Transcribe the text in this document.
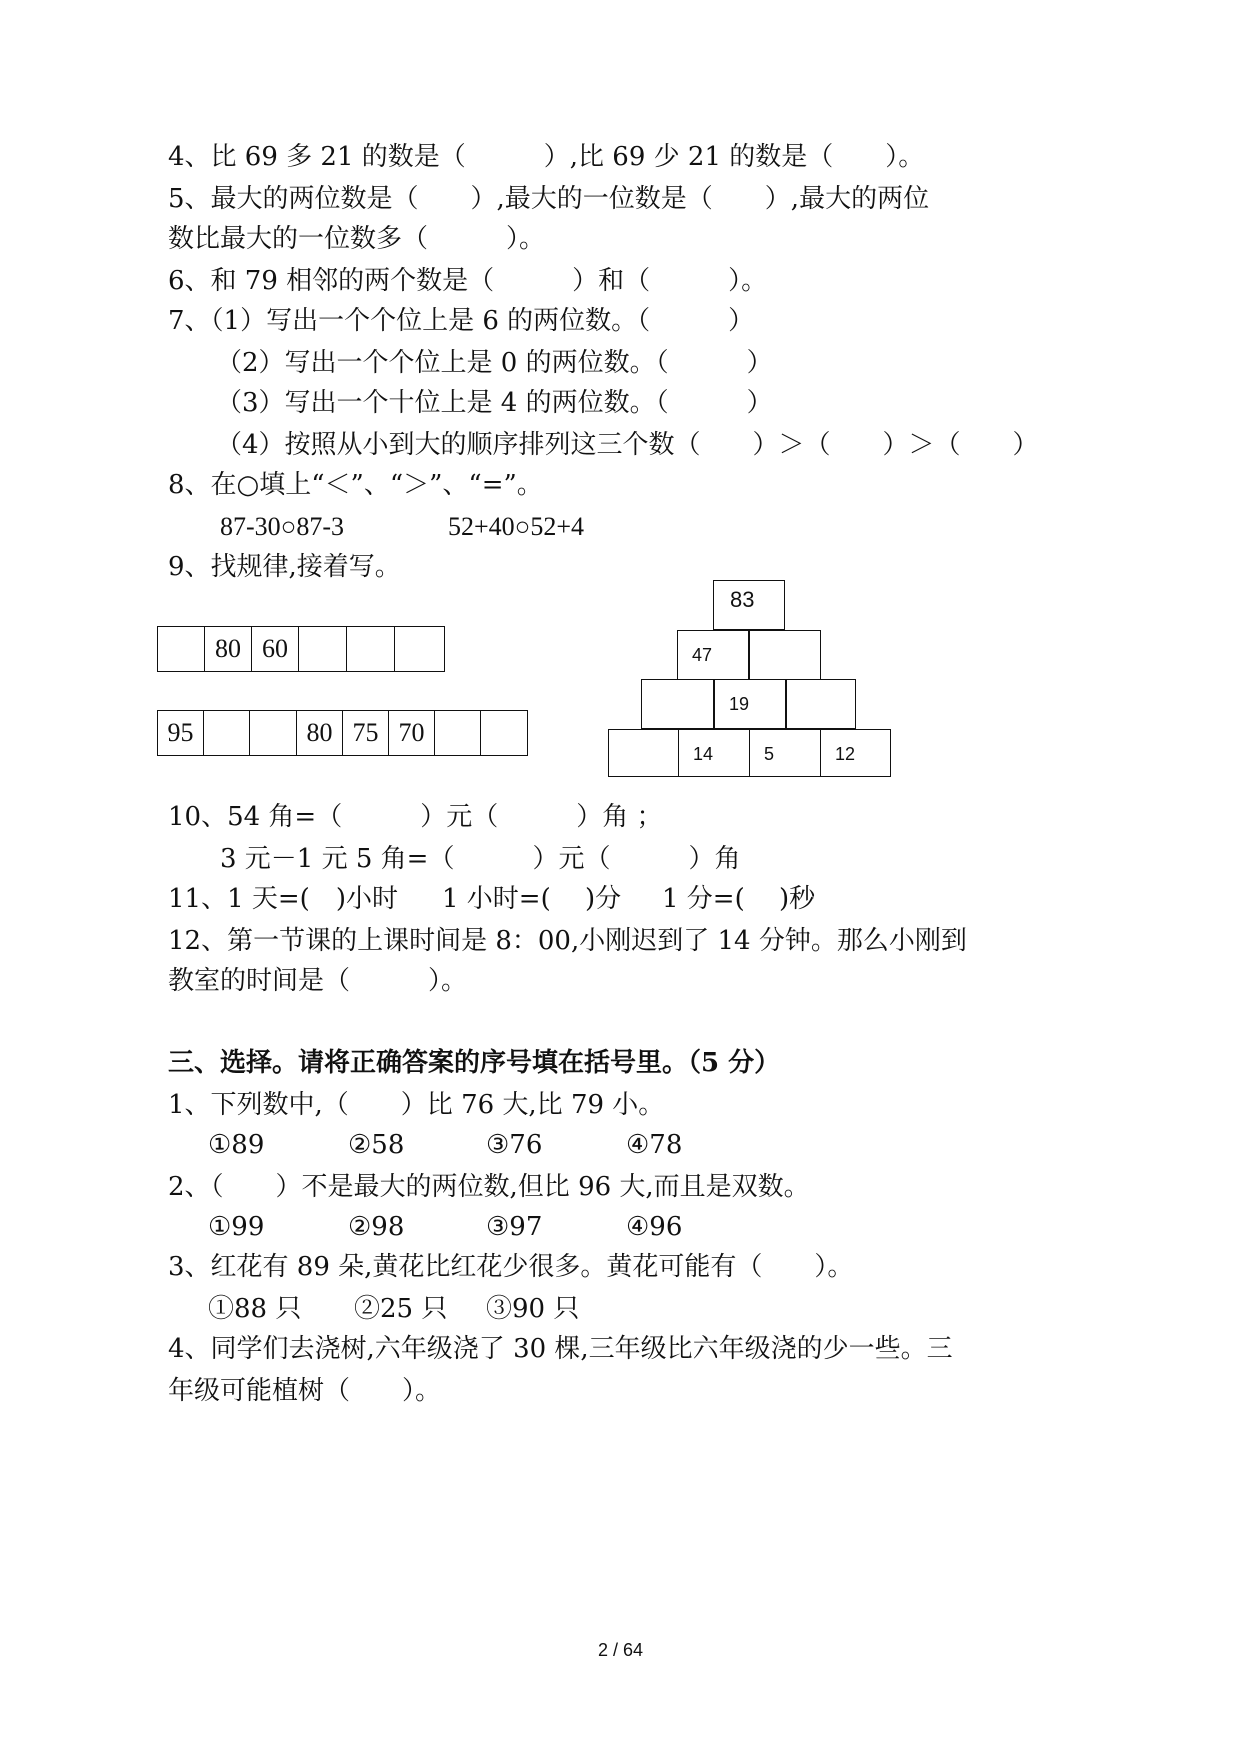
4、比 69 多 21 的数是（　　　）,比 69 少 21 的数是（　　）。
5、最大的两位数是（　　）,最大的一位数是（　　）,最大的两位
数比最大的一位数多（　　　）。
6、和 79 相邻的两个数是（　　　）和（　　　）。
7、（1）写出一个个位上是 6 的两位数。（　　　）
（2）写出一个个位上是 0 的两位数。（　　　）
（3）写出一个十位上是 4 的两位数。（　　　）
（4）按照从小到大的顺序排列这三个数（　　）＞（　　）＞（　　）
8、在○填上“＜”、“＞”、“=”。
87-30○87-3	52+40○52+4
9、找规律,接着写。
80 60
95	80 75 70
83
47
19
14	5	12
10、54 角=（　　　）元（　　　）角 ；
3 元－1 元 5 角=（　　　）元（　　　）角
11、1 天=(　)小时 1 小时=(　 )分 1 分=(　 )秒
12、第一节课的上课时间是 8：00,小刚迟到了 14 分钟。那么小刚到
教室的时间是（　　　）。
三、选择。请将正确答案的序号填在括号里。（5 分）
1、下列数中,（　　）比 76 大,比 79 小。
①89	②58	③76	④78
2、（　　）不是最大的两位数,但比 96 大,而且是双数。
①99	②98	③97	④96
3、红花有 89 朵,黄花比红花少很多。黄花可能有（　　）。
①88 只 ②25 只 ③90 只
4、同学们去浇树,六年级浇了 30 棵,三年级比六年级浇的少一些。三
年级可能植树（　　）。
2 / 64
